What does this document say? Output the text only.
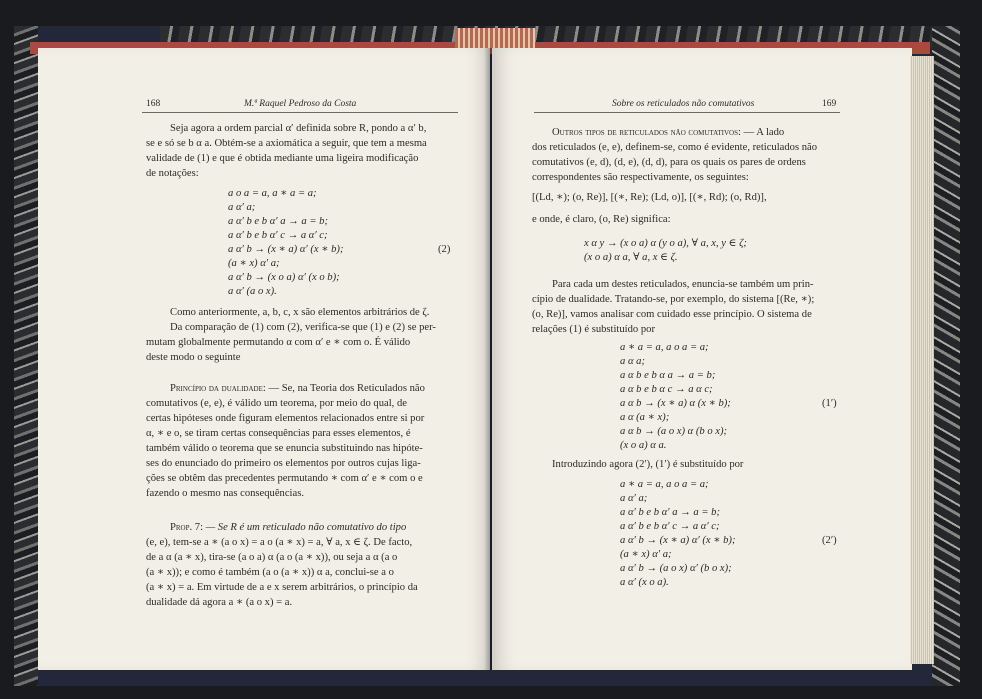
168	M.ª Raquel Pedroso da Costa
Seja agora a ordem parcial α′ definida sobre R, pondo a α′ b,
se e só se b α a. Obtém-se a axiomática a seguir, que tem a mesma
validade de (1) e que é obtida mediante uma ligeira modificação
de notações:
a o a = a, a ∗ a = a;
a α′ a;
a α′ b e b α′ a → a = b;
a α′ b e b α′ c → a α′ c;
a α′ b → (x ∗ a) α′ (x ∗ b);	(2)
(a ∗ x) α′ a;
a α′ b → (x o a) α′ (x o b);
a α′ (a o x).
Como anteriormente, a, b, c, x são elementos arbitrários de ζ.
Da comparação de (1) com (2), verifica-se que (1) e (2) se per-
mutam globalmente permutando α com α′ e ∗ com o. É válido
deste modo o seguinte
Princípio da dualidade: — Se, na Teoria dos Reticulados não
comutativos (e, e), é válido um teorema, por meio do qual, de
certas hipóteses onde figuram elementos relacionados entre si por
α, ∗ e o, se tiram certas consequências para esses elementos, é
também válido o teorema que se enuncia substituindo nas hipóte-
ses do enunciado do primeiro os elementos por outros cujas liga-
ções se obtêm das precedentes permutando ∗ com α′ e ∗ com o e
fazendo o mesmo nas consequências.
Prop. 7: — Se R é um reticulado não comutativo do tipo
(e, e), tem-se a ∗ (a o x) = a o (a ∗ x) = a, ∀ a, x ∈ ζ. De facto,
de a α (a ∗ x), tira-se (a o a) α (a o (a ∗ x)), ou seja a α (a o
(a ∗ x)); e como é também (a o (a ∗ x)) α a, conclui-se a o
(a ∗ x) = a. Em virtude de a e x serem arbitrários, o princípio da
dualidade dá agora a ∗ (a o x) = a.
Sobre os reticulados não comutativos	169
Outros tipos de reticulados não comutativos: — A lado
dos reticulados (e, e), definem-se, como é evidente, reticulados não
comutativos (e, d), (d, e), (d, d), para os quais os pares de ordens
correspondentes são respectivamente, os seguintes:
[(Ld, ∗); (o, Re)], [(∗, Re); (Ld, o)], [(∗, Rd); (o, Rd)],
e onde, é claro, (o, Re) significa:
x α y → (x o a) α (y o a), ∀ a, x, y ∈ ζ;
(x o a) α a, ∀ a, x ∈ ζ.
Para cada um destes reticulados, enuncia-se também um prin-
cípio de dualidade. Tratando-se, por exemplo, do sistema [(Re, ∗);
(o, Re)], vamos analisar com cuidado esse princípio. O sistema de
relações (1) é substituído por
a ∗ a = a, a o a = a;
a α a;
a α b e b α a → a = b;
a α b e b α c → a α c;
a α b → (x ∗ a) α (x ∗ b);	(1′)
a α (a ∗ x);
a α b → (a o x) α (b o x);
(x o a) α a.
Introduzindo agora (2′), (1′) é substituído por
a ∗ a = a, a o a = a;
a α′ a;
a α′ b e b α′ a → a = b;
a α′ b e b α′ c → a α′ c;
a α′ b → (x ∗ a) α′ (x ∗ b);	(2′)
(a ∗ x) α′ a;
a α′ b → (a o x) α′ (b o x);
a α′ (x o a).
